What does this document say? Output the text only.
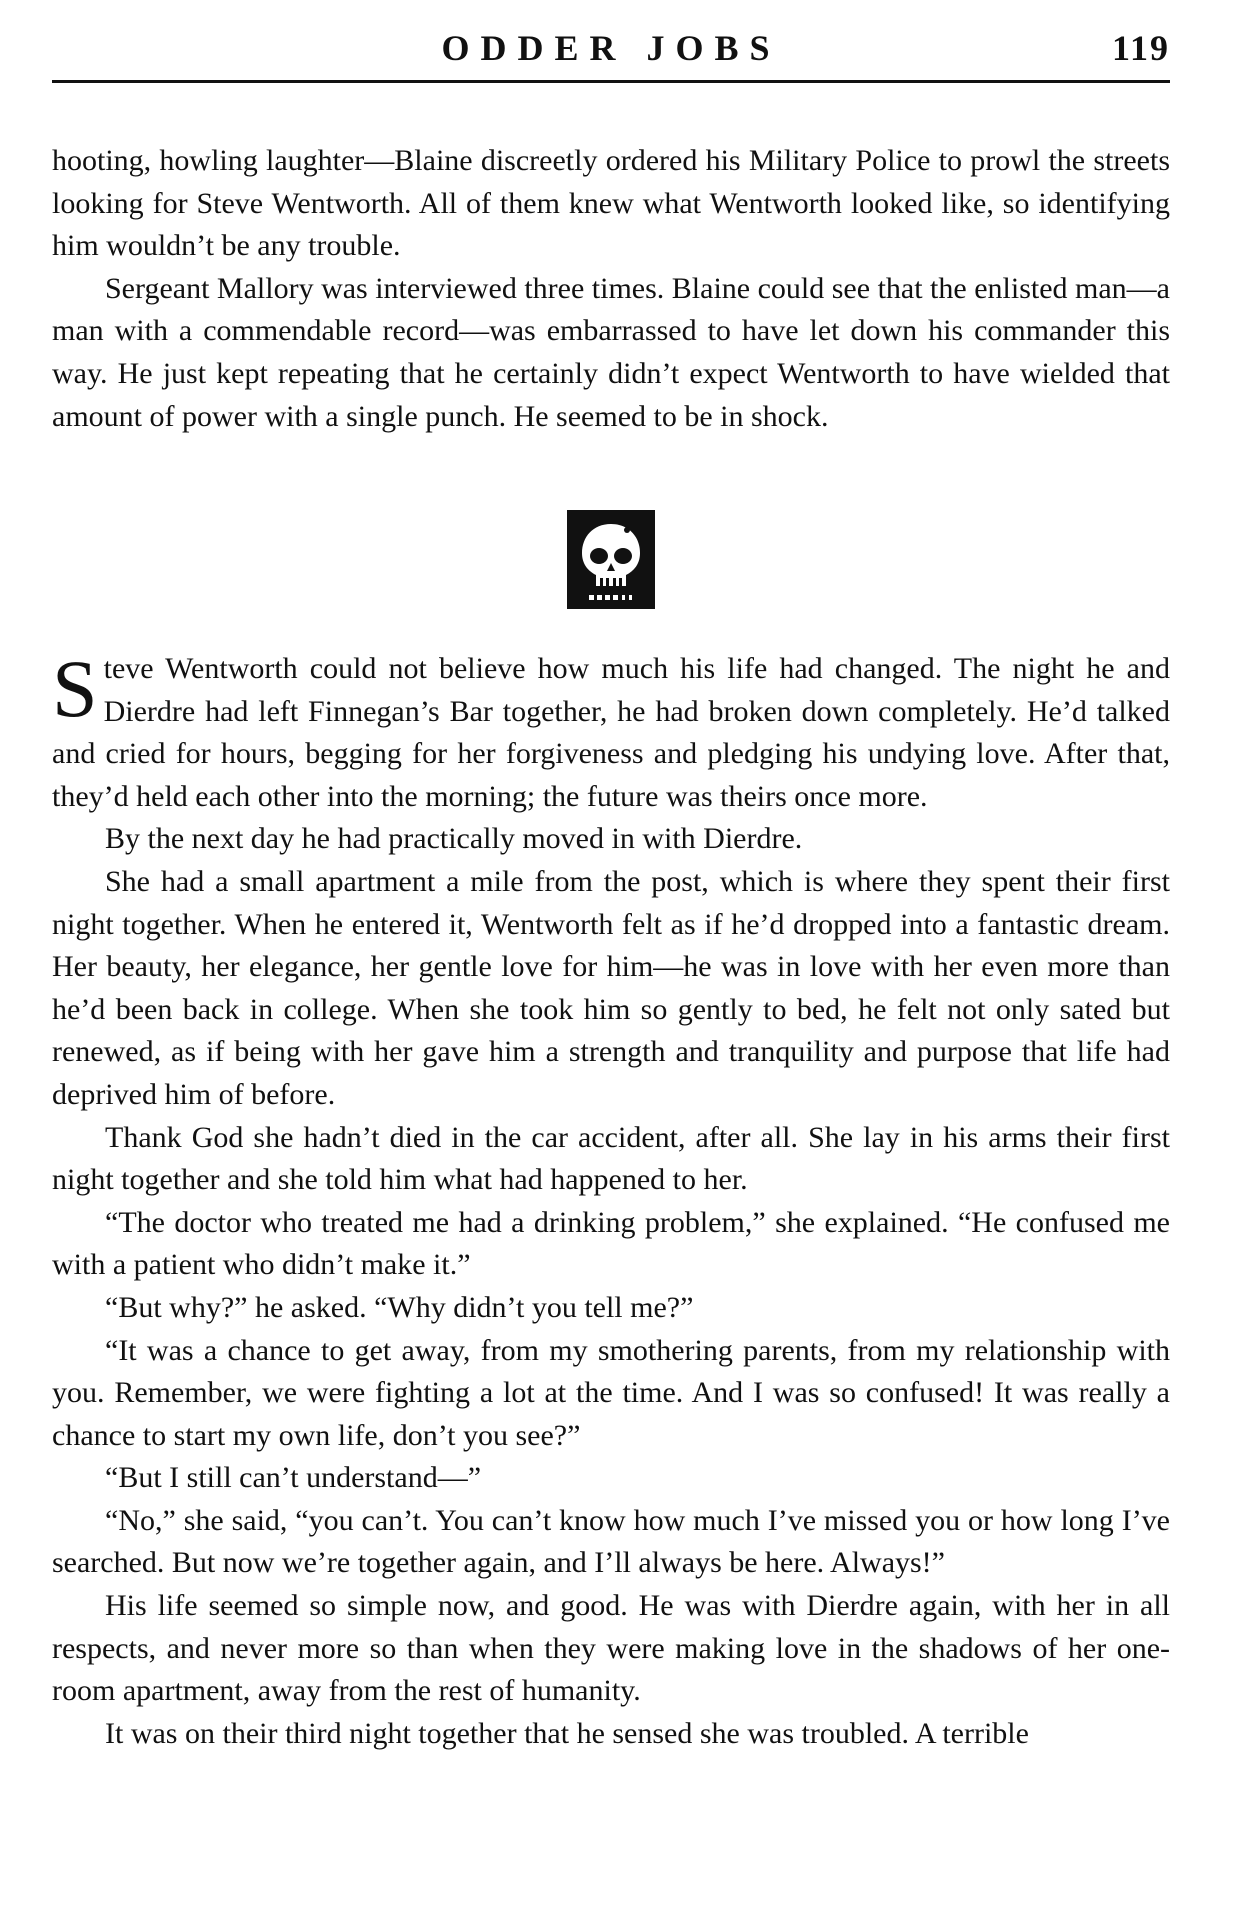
ODDER JOBS	119

hooting, howling laughter—Blaine discreetly ordered his Military Police to prowl the streets looking for Steve Wentworth. All of them knew what Wentworth looked like, so identifying him wouldn’t be any trouble.

Sergeant Mallory was interviewed three times. Blaine could see that the enlisted man—a man with a commendable record—was embarrassed to have let down his commander this way. He just kept repeating that he certainly didn’t expect Wentworth to have wielded that amount of power with a single punch. He seemed to be in shock.

Steve Wentworth could not believe how much his life had changed. The night he and Dierdre had left Finnegan’s Bar together, he had broken down completely. He’d talked and cried for hours, begging for her forgiveness and pledging his undying love. After that, they’d held each other into the morning; the future was theirs once more.

By the next day he had practically moved in with Dierdre.

She had a small apartment a mile from the post, which is where they spent their first night together. When he entered it, Wentworth felt as if he’d dropped into a fantastic dream. Her beauty, her elegance, her gentle love for him—he was in love with her even more than he’d been back in college. When she took him so gently to bed, he felt not only sated but renewed, as if being with her gave him a strength and tranquility and purpose that life had deprived him of before.

Thank God she hadn’t died in the car accident, after all. She lay in his arms their first night together and she told him what had happened to her.

“The doctor who treated me had a drinking problem,” she explained. “He confused me with a patient who didn’t make it.”

“But why?” he asked. “Why didn’t you tell me?”

“It was a chance to get away, from my smothering parents, from my relationship with you. Remember, we were fighting a lot at the time. And I was so confused! It was really a chance to start my own life, don’t you see?”

“But I still can’t understand—”

“No,” she said, “you can’t. You can’t know how much I’ve missed you or how long I’ve searched. But now we’re together again, and I’ll always be here. Always!”

His life seemed so simple now, and good. He was with Dierdre again, with her in all respects, and never more so than when they were making love in the shadows of her one-room apartment, away from the rest of humanity.

It was on their third night together that he sensed she was troubled. A terrible
